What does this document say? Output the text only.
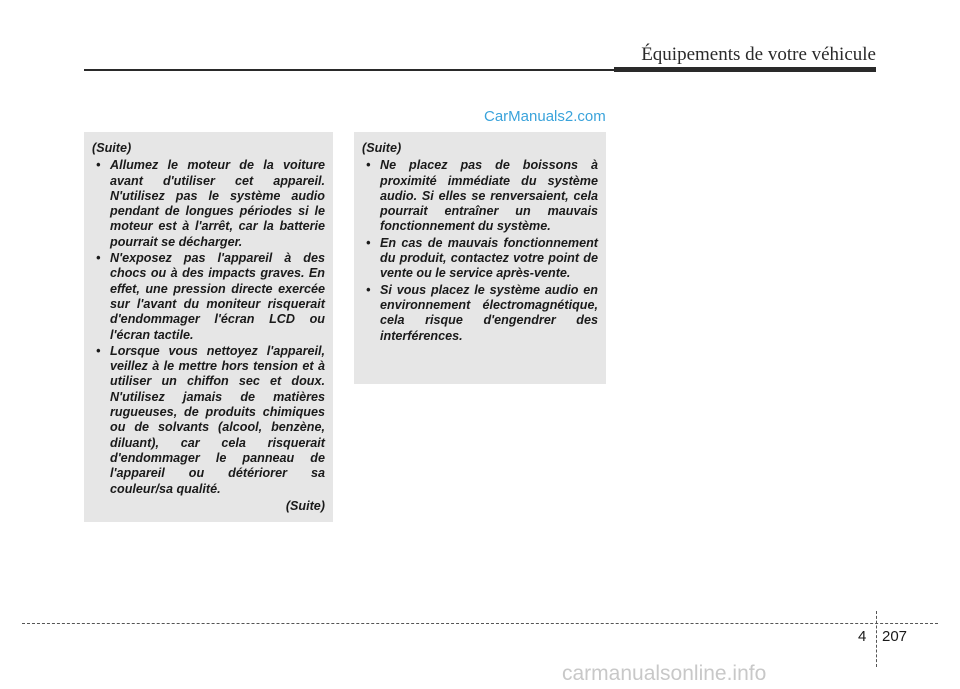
Équipements de votre véhicule
CarManuals2.com
(Suite)
• Allumez le moteur de la voiture avant d'utiliser cet appareil. N'utilisez pas le système audio pendant de longues périodes si le moteur est à l'arrêt, car la batterie pourrait se décharger.
• N'exposez pas l'appareil à des chocs ou à des impacts graves. En effet, une pression directe exercée sur l'avant du moniteur risquerait d'endommager l'écran LCD ou l'écran tactile.
• Lorsque vous nettoyez l'appareil, veillez à le mettre hors tension et à utiliser un chiffon sec et doux. N'utilisez jamais de matières rugueuses, de produits chimiques ou de solvants (alcool, benzène, diluant), car cela risquerait d'endommager le panneau de l'appareil ou détériorer sa couleur/sa qualité.
(Suite)
(Suite)
• Ne placez pas de boissons à proximité immédiate du système audio. Si elles se renversaient, cela pourrait entraîner un mauvais fonctionnement du système.
• En cas de mauvais fonctionnement du produit, contactez votre point de vente ou le service après-vente.
• Si vous placez le système audio en environnement électromagnétique, cela risque d'engendrer des interférences.
4 207
carmanualsonline.info
